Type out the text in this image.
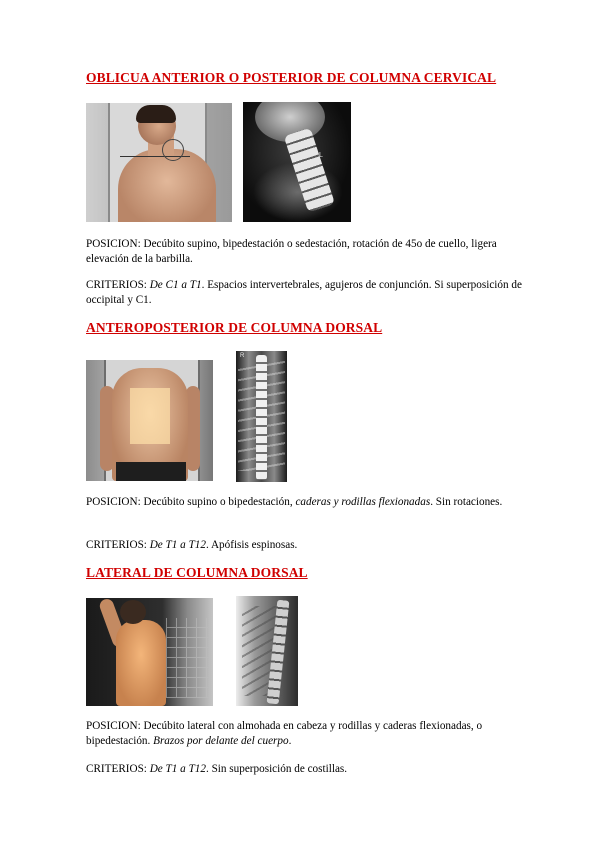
OBLICUA ANTERIOR O POSTERIOR DE COLUMNA CERVICAL
L
POSICION: Decúbito supino, bipedestación o sedestación, rotación de 45o de cuello, ligera elevación de la barbilla.
CRITERIOS: De C1 a T1. Espacios intervertebrales, agujeros de conjunción. Si superposición de occipital y C1.
ANTEROPOSTERIOR DE COLUMNA DORSAL
R
POSICION: Decúbito supino o bipedestación, caderas y rodillas flexionadas. Sin rotaciones.
CRITERIOS: De T1 a T12. Apófisis espinosas.
LATERAL DE COLUMNA DORSAL
POSICION: Decúbito lateral con almohada en cabeza y rodillas y caderas flexionadas, o bipedestación. Brazos por delante del cuerpo.
CRITERIOS: De T1 a T12. Sin superposición de costillas.
